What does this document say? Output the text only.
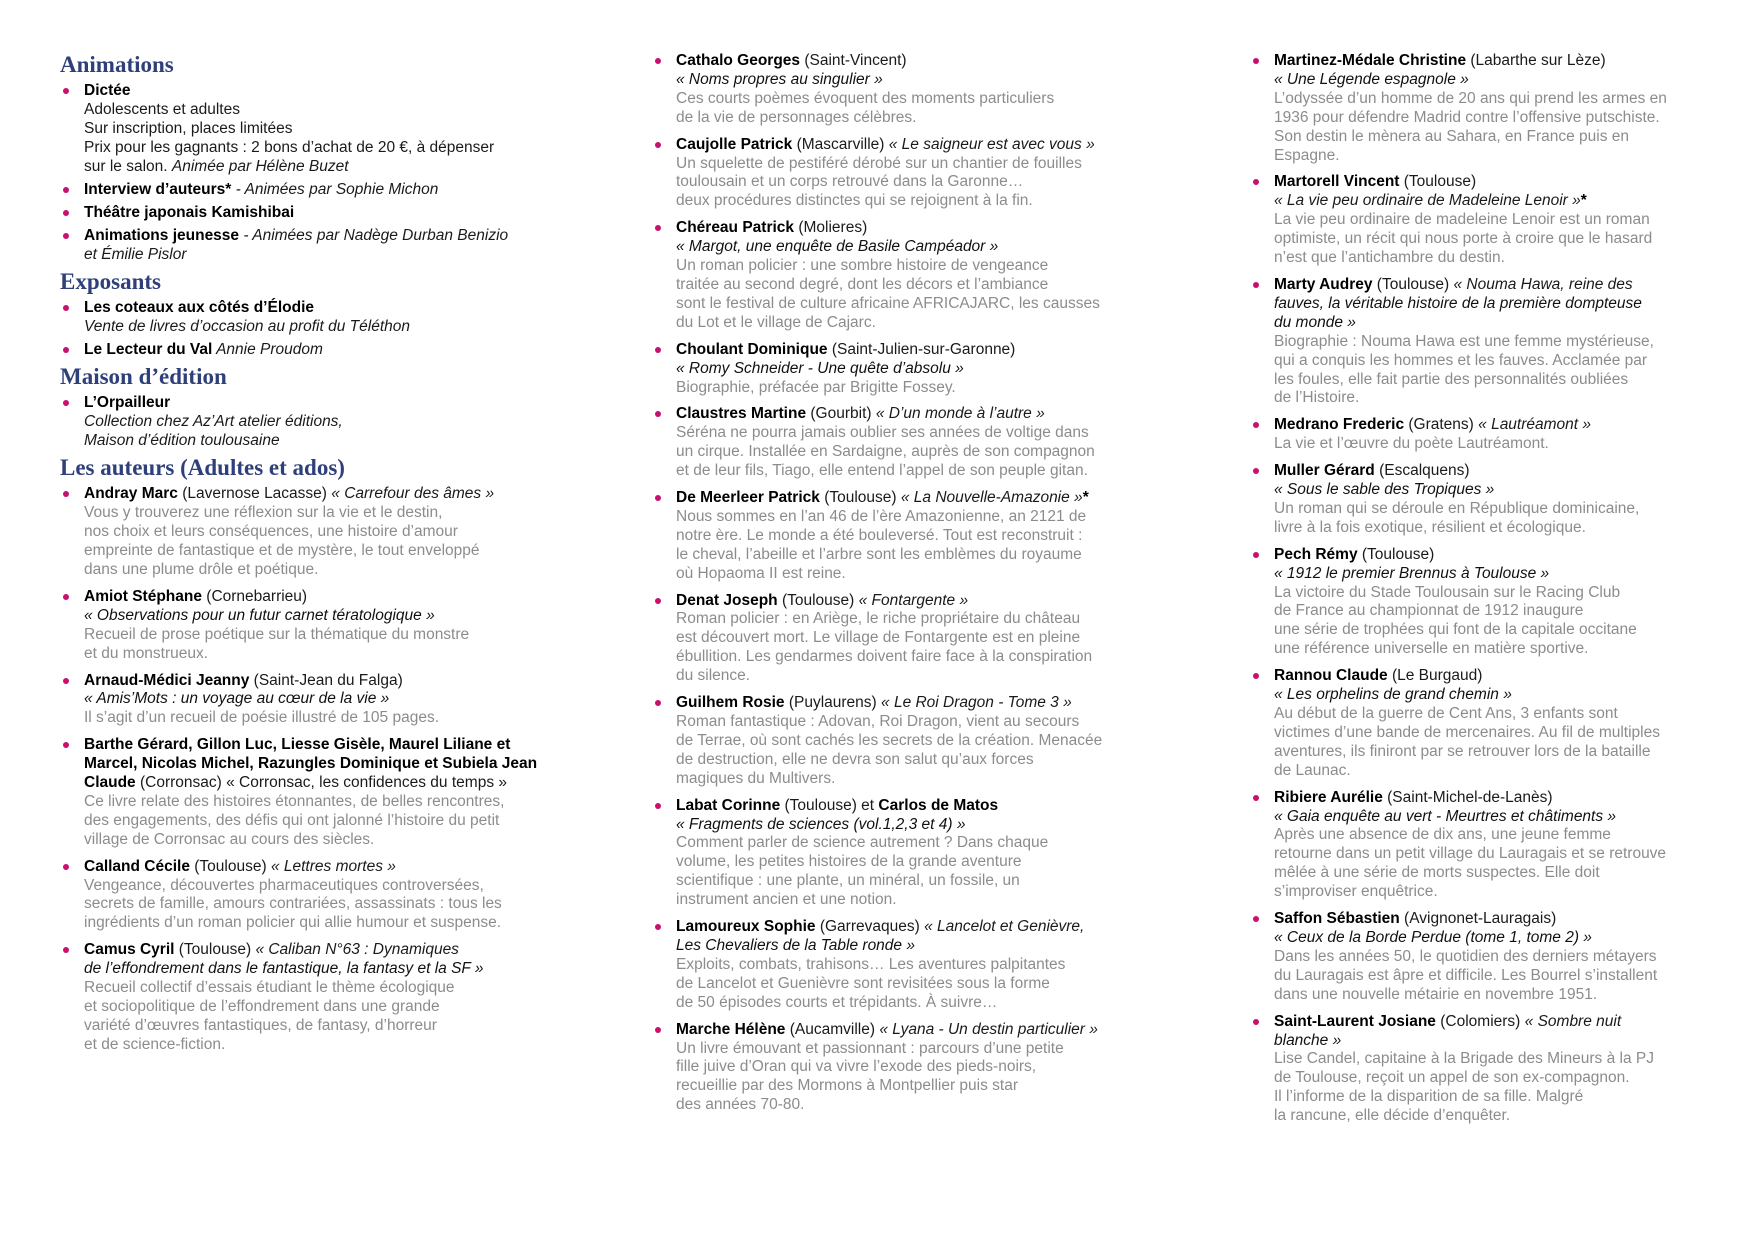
Animations
Dictée
Adolescents et adultes
Sur inscription, places limitées
Prix pour les gagnants : 2 bons d’achat de 20 €, à dépenser
sur le salon. Animée par Hélène Buzet
Interview d’auteurs* - Animées par Sophie Michon
Théâtre japonais Kamishibai
Animations jeunesse - Animées par Nadège Durban Benizio
et Émilie Pislor
Exposants
Les coteaux aux côtés d’Élodie
Vente de livres d’occasion au profit du Téléthon
Le Lecteur du Val Annie Proudom
Maison d’édition
L’Orpailleur
Collection chez Az’Art atelier éditions,
Maison d’édition toulousaine
Les auteurs (Adultes et ados)
Andray Marc (Lavernose Lacasse) « Carrefour des âmes »
Vous y trouverez une réflexion sur la vie et le destin,
nos choix et leurs conséquences, une histoire d’amour
empreinte de fantastique et de mystère, le tout enveloppé
dans une plume drôle et poétique.
Amiot Stéphane (Cornebarrieu)
« Observations pour un futur carnet tératologique »
Recueil de prose poétique sur la thématique du monstre
et du monstrueux.
Arnaud-Médici Jeanny (Saint-Jean du Falga)
« Amis’Mots : un voyage au cœur de la vie »
Il s’agit d’un recueil de poésie illustré de 105 pages.
Barthe Gérard, Gillon Luc, Liesse Gisèle, Maurel Liliane et
Marcel, Nicolas Michel, Razungles Dominique et Subiela Jean
Claude (Corronsac) « Corronsac, les confidences du temps »
Ce livre relate des histoires étonnantes, de belles rencontres,
des engagements, des défis qui ont jalonné l’histoire du petit
village de Corronsac au cours des siècles.
Calland Cécile (Toulouse) « Lettres mortes »
Vengeance, découvertes pharmaceutiques controversées,
secrets de famille, amours contrariées, assassinats : tous les
ingrédients d’un roman policier qui allie humour et suspense.
Camus Cyril (Toulouse) « Caliban N°63 : Dynamiques
de l’effondrement dans le fantastique, la fantasy et la SF »
Recueil collectif d’essais étudiant le thème écologique
et sociopolitique de l’effondrement dans une grande
variété d’œuvres fantastiques, de fantasy, d’horreur
et de science-fiction.
Cathalo Georges (Saint-Vincent)
« Noms propres au singulier »
Ces courts poèmes évoquent des moments particuliers
de la vie de personnages célèbres.
Caujolle Patrick (Mascarville) « Le saigneur est avec vous »
Un squelette de pestiféré dérobé sur un chantier de fouilles
toulousain et un corps retrouvé dans la Garonne…
deux procédures distinctes qui se rejoignent à la fin.
Chéreau Patrick (Molieres)
« Margot, une enquête de Basile Campéador »
Un roman policier : une sombre histoire de vengeance
traitée au second degré, dont les décors et l’ambiance
sont le festival de culture africaine AFRICAJARC, les causses
du Lot et le village de Cajarc.
Choulant Dominique (Saint-Julien-sur-Garonne)
« Romy Schneider - Une quête d’absolu »
Biographie, préfacée par Brigitte Fossey.
Claustres Martine (Gourbit) « D’un monde à l’autre »
Séréna ne pourra jamais oublier ses années de voltige dans
un cirque. Installée en Sardaigne, auprès de son compagnon
et de leur fils, Tiago, elle entend l’appel de son peuple gitan.
De Meerleer Patrick (Toulouse) « La Nouvelle-Amazonie »*
Nous sommes en l’an 46 de l’ère Amazonienne, an 2121 de
notre ère. Le monde a été bouleversé. Tout est reconstruit :
le cheval, l’abeille et l’arbre sont les emblèmes du royaume
où Hopaoma II est reine.
Denat Joseph (Toulouse) « Fontargente »
Roman policier : en Ariège, le riche propriétaire du château
est découvert mort. Le village de Fontargente est en pleine
ébullition. Les gendarmes doivent faire face à la conspiration
du silence.
Guilhem Rosie (Puylaurens) « Le Roi Dragon - Tome 3 »
Roman fantastique : Adovan, Roi Dragon, vient au secours
de Terrae, où sont cachés les secrets de la création. Menacée
de destruction, elle ne devra son salut qu’aux forces
magiques du Multivers.
Labat Corinne (Toulouse) et Carlos de Matos
« Fragments de sciences (vol.1,2,3 et 4) »
Comment parler de science autrement ? Dans chaque
volume, les petites histoires de la grande aventure
scientifique : une plante, un minéral, un fossile, un
instrument ancien et une notion.
Lamoureux Sophie (Garrevaques) « Lancelot et Genièvre,
Les Chevaliers de la Table ronde »
Exploits, combats, trahisons… Les aventures palpitantes
de Lancelot et Guenièvre sont revisitées sous la forme
de 50 épisodes courts et trépidants. À suivre…
Marche Hélène (Aucamville) « Lyana - Un destin particulier »
Un livre émouvant et passionnant : parcours d’une petite
fille juive d’Oran qui va vivre l’exode des pieds-noirs,
recueillie par des Mormons à Montpellier puis star
des années 70-80.
Martinez-Médale Christine (Labarthe sur Lèze)
« Une Légende espagnole »
L’odyssée d’un homme de 20 ans qui prend les armes en
1936 pour défendre Madrid contre l’offensive putschiste.
Son destin le mènera au Sahara, en France puis en
Espagne.
Martorell Vincent (Toulouse)
« La vie peu ordinaire de Madeleine Lenoir »*
La vie peu ordinaire de madeleine Lenoir est un roman
optimiste, un récit qui nous porte à croire que le hasard
n’est que l’antichambre du destin.
Marty Audrey (Toulouse) « Nouma Hawa, reine des
fauves, la véritable histoire de la première dompteuse
du monde »
Biographie : Nouma Hawa est une femme mystérieuse,
qui a conquis les hommes et les fauves. Acclamée par
les foules, elle fait partie des personnalités oubliées
de l’Histoire.
Medrano Frederic (Gratens) « Lautréamont »
La vie et l’œuvre du poète Lautréamont.
Muller Gérard (Escalquens)
« Sous le sable des Tropiques »
Un roman qui se déroule en République dominicaine,
livre à la fois exotique, résilient et écologique.
Pech Rémy (Toulouse)
« 1912 le premier Brennus à Toulouse »
La victoire du Stade Toulousain sur le Racing Club
de France au championnat de 1912 inaugure
une série de trophées qui font de la capitale occitane
une référence universelle en matière sportive.
Rannou Claude (Le Burgaud)
« Les orphelins de grand chemin »
Au début de la guerre de Cent Ans, 3 enfants sont
victimes d’une bande de mercenaires. Au fil de multiples
aventures, ils finiront par se retrouver lors de la bataille
de Launac.
Ribiere Aurélie (Saint-Michel-de-Lanès)
« Gaia enquête au vert - Meurtres et châtiments »
Après une absence de dix ans, une jeune femme
retourne dans un petit village du Lauragais et se retrouve
mêlée à une série de morts suspectes. Elle doit
s’improviser enquêtrice.
Saffon Sébastien (Avignonet-Lauragais)
« Ceux de la Borde Perdue (tome 1, tome 2) »
Dans les années 50, le quotidien des derniers métayers
du Lauragais est âpre et difficile. Les Bourrel s’installent
dans une nouvelle métairie en novembre 1951.
Saint-Laurent Josiane (Colomiers) « Sombre nuit
blanche »
Lise Candel, capitaine à la Brigade des Mineurs à la PJ
de Toulouse, reçoit un appel de son ex-compagnon.
Il l’informe de la disparition de sa fille. Malgré
la rancune, elle décide d’enquêter.
